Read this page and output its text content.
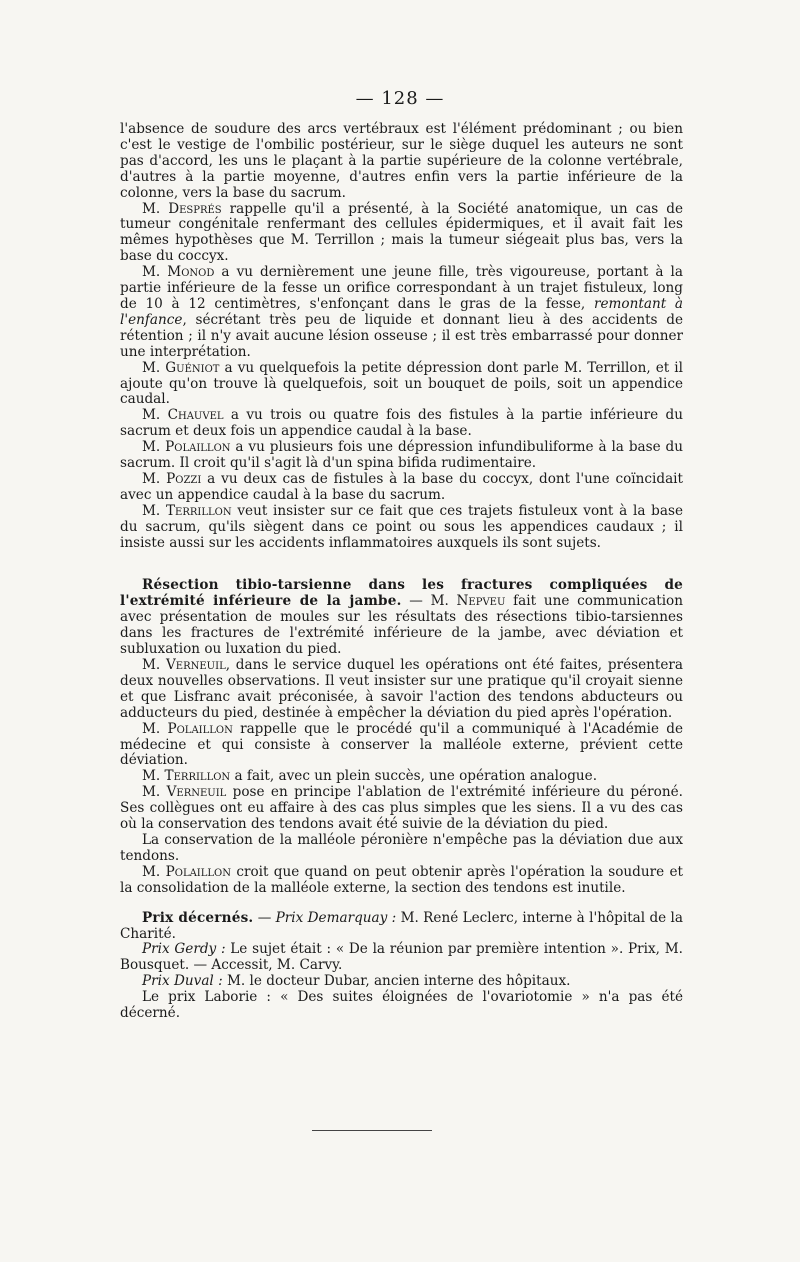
— 128 —

l'absence de soudure des arcs vertébraux est l'élément prédominant ; ou bien c'est le vestige de l'ombilic postérieur, sur le siège duquel les auteurs ne sont pas d'accord, les uns le plaçant à la partie supérieure de la colonne vertébrale, d'autres à la partie moyenne, d'autres enfin vers la partie inférieure de la colonne, vers la base du sacrum.

M. Després rappelle qu'il a présenté, à la Société anatomique, un cas de tumeur congénitale renfermant des cellules épidermiques, et il avait fait les mêmes hypothèses que M. Terrillon ; mais la tumeur siégeait plus bas, vers la base du coccyx.

M. Monod a vu dernièrement une jeune fille, très vigoureuse, portant à la partie inférieure de la fesse un orifice correspondant à un trajet fistuleux, long de 10 à 12 centimètres, s'enfonçant dans le gras de la fesse, remontant à l'enfance, sécrétant très peu de liquide et donnant lieu à des accidents de rétention ; il n'y avait aucune lésion osseuse ; il est très embarrassé pour donner une interprétation.

M. Guéniot a vu quelquefois la petite dépression dont parle M. Terrillon, et il ajoute qu'on trouve là quelquefois, soit un bouquet de poils, soit un appendice caudal.

M. Chauvel a vu trois ou quatre fois des fistules à la partie inférieure du sacrum et deux fois un appendice caudal à la base.

M. Polaillon a vu plusieurs fois une dépression infundibuliforme à la base du sacrum. Il croit qu'il s'agit là d'un spina bifida rudimentaire.

M. Pozzi a vu deux cas de fistules à la base du coccyx, dont l'une coïncidait avec un appendice caudal à la base du sacrum.

M. Terrillon veut insister sur ce fait que ces trajets fistuleux vont à la base du sacrum, qu'ils siègent dans ce point ou sous les appendices caudaux ; il insiste aussi sur les accidents inflammatoires auxquels ils sont sujets.

Résection tibio-tarsienne dans les fractures compliquées de l'extrémité inférieure de la jambe. — M. Nepveu fait une communication avec présentation de moules sur les résultats des résections tibio-tarsiennes dans les fractures de l'extrémité inférieure de la jambe, avec déviation et subluxation ou luxation du pied.

M. Verneuil, dans le service duquel les opérations ont été faites, présentera deux nouvelles observations. Il veut insister sur une pratique qu'il croyait sienne et que Lisfranc avait préconisée, à savoir l'action des tendons abducteurs ou adducteurs du pied, destinée à empêcher la déviation du pied après l'opération.

M. Polaillon rappelle que le procédé qu'il a communiqué à l'Académie de médecine et qui consiste à conserver la malléole externe, prévient cette déviation.

M. Terrillon a fait, avec un plein succès, une opération analogue.

M. Verneuil pose en principe l'ablation de l'extrémité inférieure du péroné. Ses collègues ont eu affaire à des cas plus simples que les siens. Il a vu des cas où la conservation des tendons avait été suivie de la déviation du pied.

La conservation de la malléole péronière n'empêche pas la déviation due aux tendons.

M. Polaillon croit que quand on peut obtenir après l'opération la soudure et la consolidation de la malléole externe, la section des tendons est inutile.

Prix décernés. — Prix Demarquay : M. René Leclerc, interne à l'hôpital de la Charité.

Prix Gerdy : Le sujet était : « De la réunion par première intention ». Prix, M. Bousquet. — Accessit, M. Carvy.

Prix Duval : M. le docteur Dubar, ancien interne des hôpitaux.

Le prix Laborie : « Des suites éloignées de l'ovariotomie » n'a pas été décerné.
